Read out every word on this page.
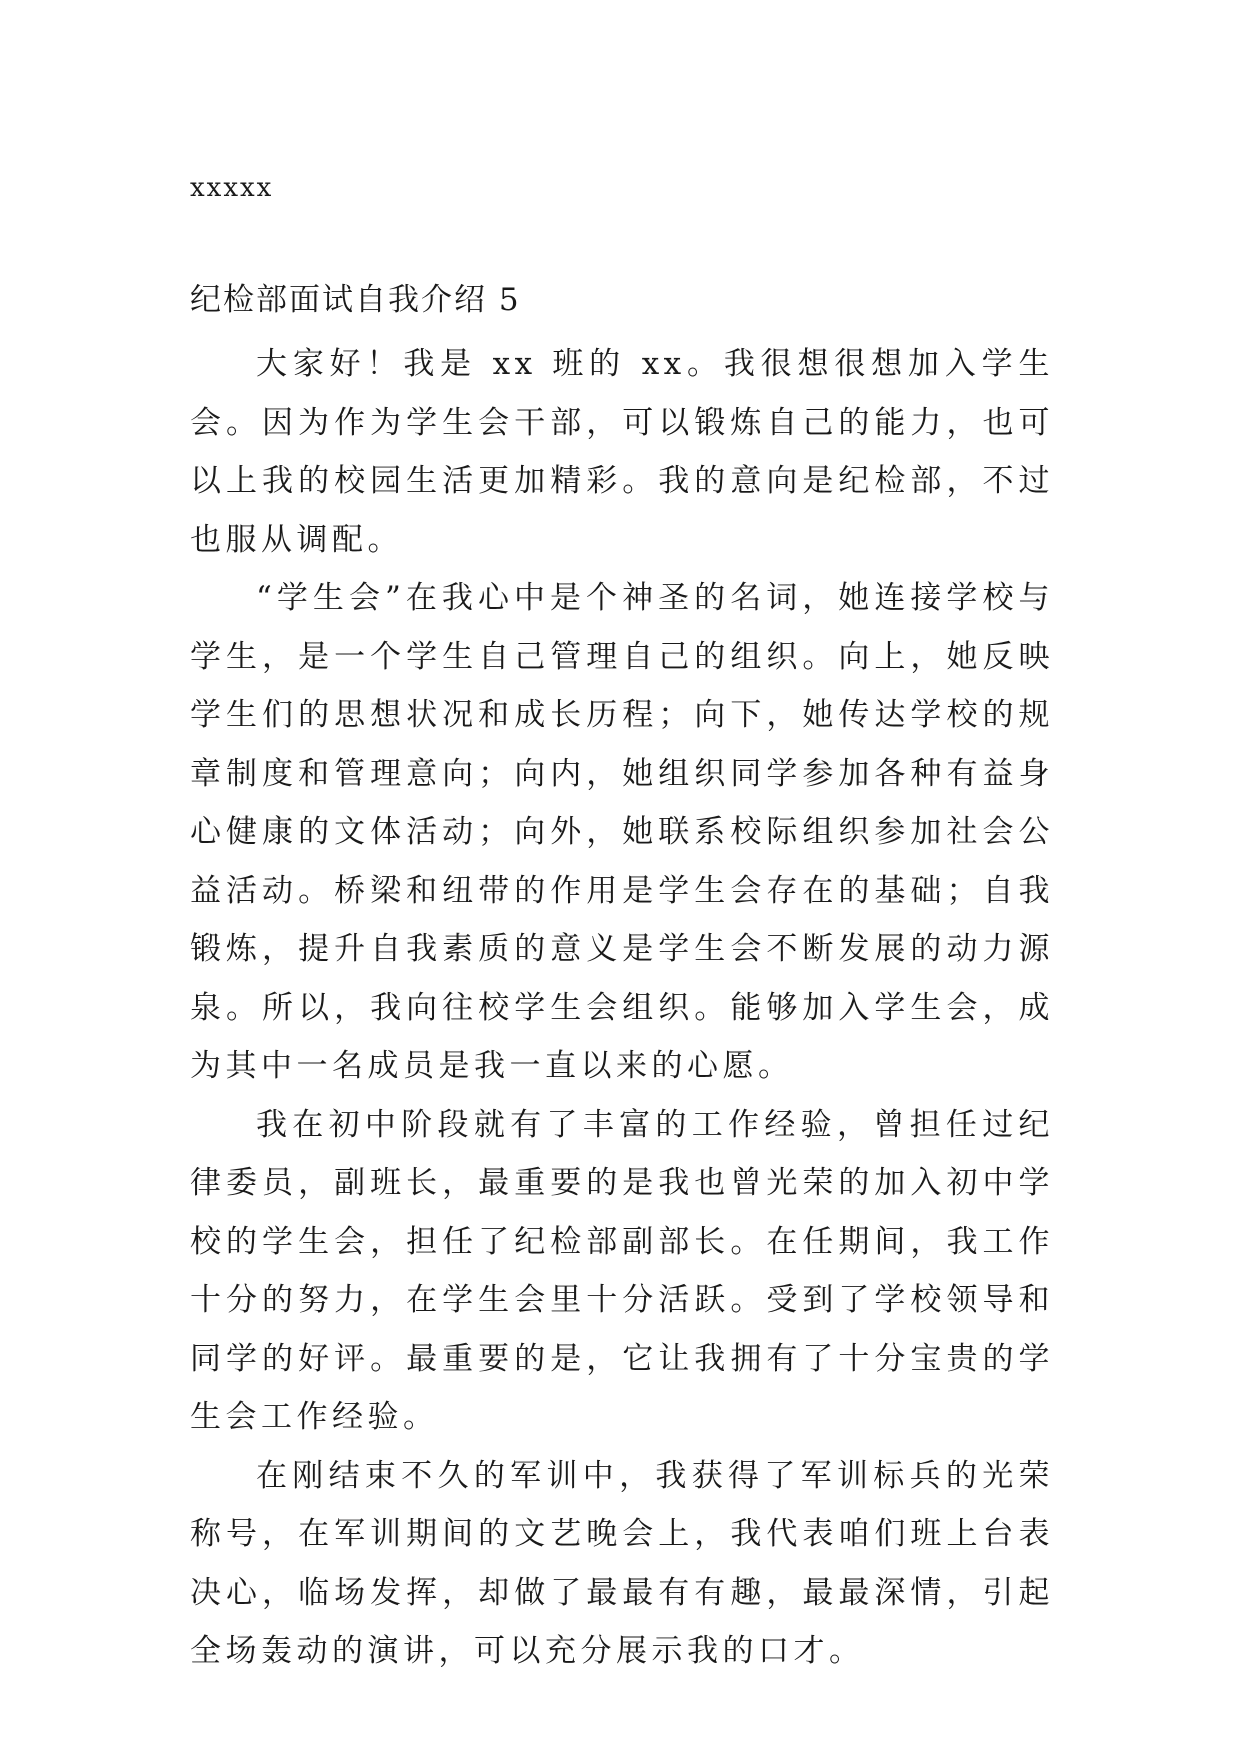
xxxxx
纪检部面试自我介绍 5

大家好！我是 xx 班的 xx。我很想很想加入学生会。因为作为学生会干部，可以锻炼自己的能力，也可以上我的校园生活更加精彩。我的意向是纪检部，不过也服从调配。

“学生会”在我心中是个神圣的名词，她连接学校与学生，是一个学生自己管理自己的组织。向上，她反映学生们的思想状况和成长历程；向下，她传达学校的规章制度和管理意向；向内，她组织同学参加各种有益身心健康的文体活动；向外，她联系校际组织参加社会公益活动。桥梁和纽带的作用是学生会存在的基础；自我锻炼，提升自我素质的意义是学生会不断发展的动力源泉。所以，我向往校学生会组织。能够加入学生会，成为其中一名成员是我一直以来的心愿。

我在初中阶段就有了丰富的工作经验，曾担任过纪律委员，副班长，最重要的是我也曾光荣的加入初中学校的学生会，担任了纪检部副部长。在任期间，我工作十分的努力，在学生会里十分活跃。受到了学校领导和同学的好评。最重要的是，它让我拥有了十分宝贵的学生会工作经验。

在刚结束不久的军训中，我获得了军训标兵的光荣称号，在军训期间的文艺晚会上，我代表咱们班上台表决心，临场发挥，却做了最最有有趣，最最深情，引起全场轰动的演讲，可以充分展示我的口才。
